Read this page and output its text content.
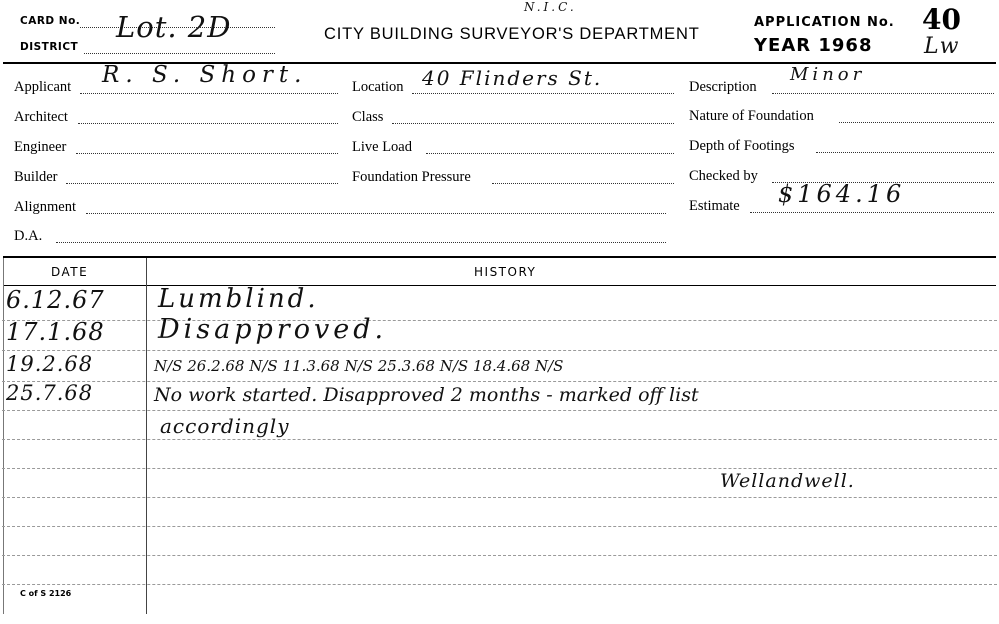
CARD No.
DISTRICT
Lot. 2D
N.I.C.
CITY BUILDING SURVEYOR'S DEPARTMENT
APPLICATION No. 40
YEAR 1968 Lw
Applicant R. S. Short.
Architect
Engineer
Builder
Alignment
D.A.
Location 40 Flinders St.
Class
Live Load
Foundation Pressure
Description
Minor
Nature of Foundation
Depth of Footings
Checked by
Estimate $164.16
DATE	HISTORY
6.12.67 Lumblind.
17.1.68 Disapproved.
19.2.68	N/S 26.2.68 N/S 11.3.68 N/S 25.3.68 N/S 18.4.68 N/S
25.7.68	No work started. Disapproved 2 months - marked off list
accordingly
Wellandwell.
C of S 2126
